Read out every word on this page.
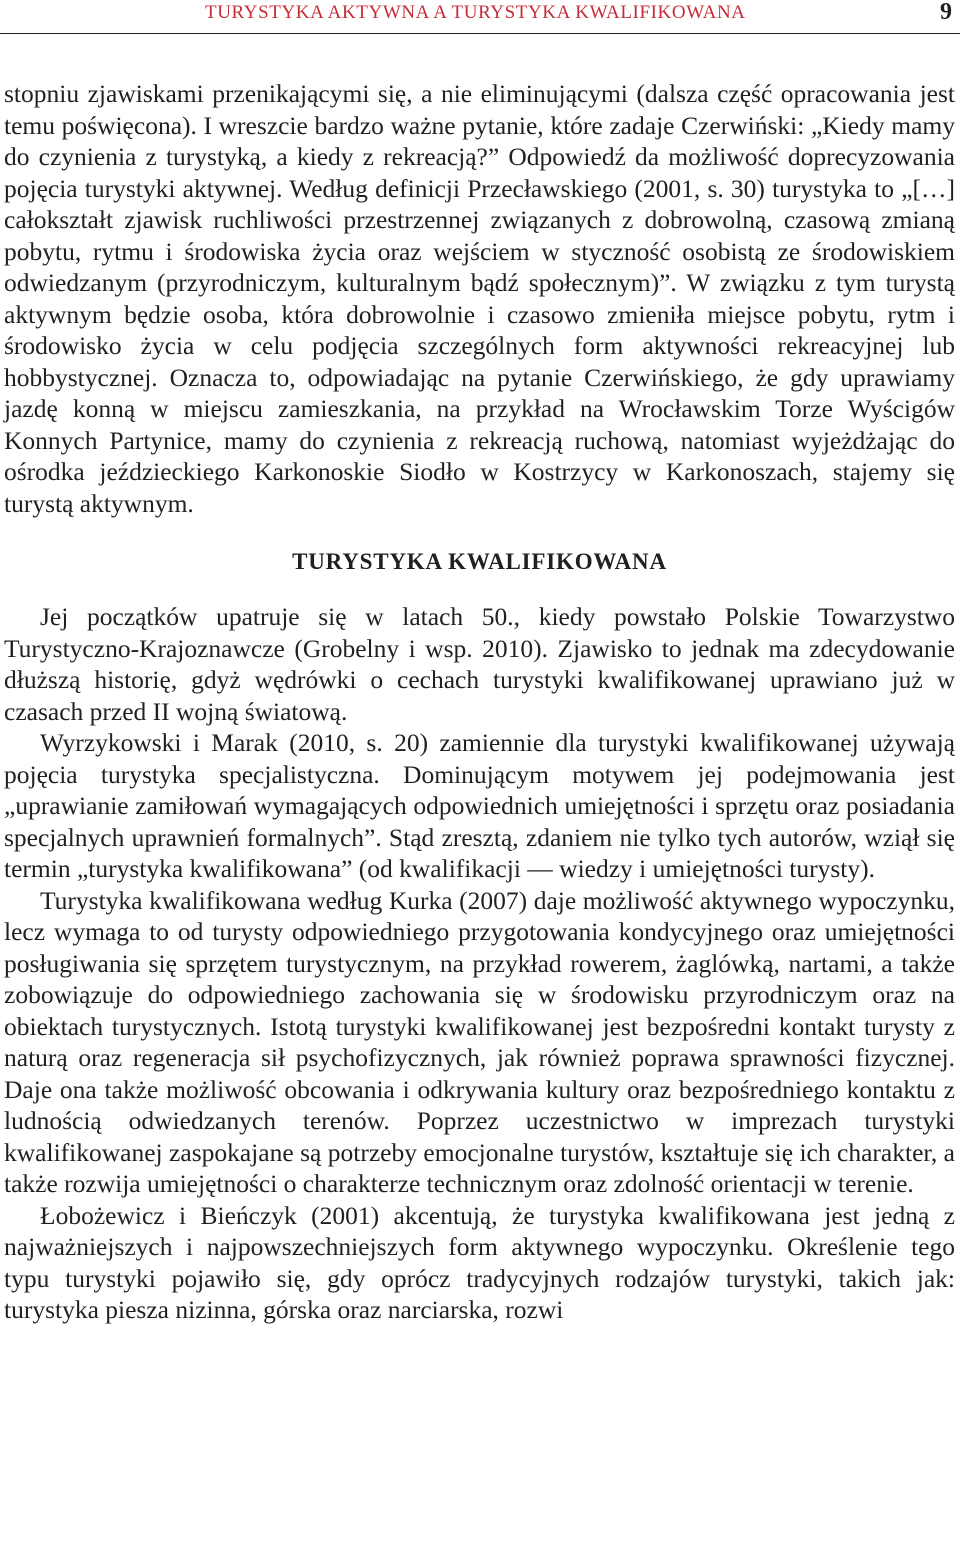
TURYSTYKA AKTYWNA A TURYSTYKA KWALIFIKOWANA	9

stopniu zjawiskami przenikającymi się, a nie eliminującymi (dalsza część opracowania jest temu poświęcona). I wreszcie bardzo ważne pytanie, które zadaje Czerwiński: „Kiedy mamy do czynienia z turystyką, a kiedy z rekreacją?” Odpowiedź da możliwość doprecyzowania pojęcia turystyki aktywnej. Według definicji Przecławskiego (2001, s. 30) turystyka to „[…] całokształt zjawisk ruchliwości przestrzennej związanych z dobrowolną, czasową zmianą pobytu, rytmu i środowiska życia oraz wejściem w styczność osobistą ze środowiskiem odwiedzanym (przyrodniczym, kulturalnym bądź społecznym)”. W związku z tym turystą aktywnym będzie osoba, która dobrowolnie i czasowo zmieniła miejsce pobytu, rytm i środowisko życia w celu podjęcia szczególnych form aktywności rekreacyjnej lub hobbystycznej. Oznacza to, odpowiadając na pytanie Czerwińskiego, że gdy uprawiamy jazdę konną w miejscu zamieszkania, na przykład na Wrocławskim Torze Wyścigów Konnych Partynice, mamy do czynienia z rekreacją ruchową, natomiast wyjeżdżając do ośrodka jeździeckiego Karkonoskie Siodło w Kostrzycy w Karkonoszach, stajemy się turystą aktywnym.

TURYSTYKA KWALIFIKOWANA

Jej początków upatruje się w latach 50., kiedy powstało Polskie Towarzystwo Turystyczno-Krajoznawcze (Grobelny i wsp. 2010). Zjawisko to jednak ma zdecydowanie dłuższą historię, gdyż wędrówki o cechach turystyki kwalifikowanej uprawiano już w czasach przed II wojną światową.

Wyrzykowski i Marak (2010, s. 20) zamiennie dla turystyki kwalifikowanej używają pojęcia turystyka specjalistyczna. Dominującym motywem jej podejmowania jest „uprawianie zamiłowań wymagających odpowiednich umiejętności i sprzętu oraz posiadania specjalnych uprawnień formalnych”. Stąd zresztą, zdaniem nie tylko tych autorów, wziął się termin „turystyka kwalifikowana” (od kwalifikacji — wiedzy i umiejętności turysty).

Turystyka kwalifikowana według Kurka (2007) daje możliwość aktywnego wypoczynku, lecz wymaga to od turysty odpowiedniego przygotowania kondycyjnego oraz umiejętności posługiwania się sprzętem turystycznym, na przykład rowerem, żaglówką, nartami, a także zobowiązuje do odpowiedniego zachowania się w środowisku przyrodniczym oraz na obiektach turystycznych. Istotą turystyki kwalifikowanej jest bezpośredni kontakt turysty z naturą oraz regeneracja sił psychofizycznych, jak również poprawa sprawności fizycznej. Daje ona także możliwość obcowania i odkrywania kultury oraz bezpośredniego kontaktu z ludnością odwiedzanych terenów. Poprzez uczestnictwo w imprezach turystyki kwalifikowanej zaspokajane są potrzeby emocjonalne turystów, kształtuje się ich charakter, a także rozwija umiejętności o charakterze technicznym oraz zdolność orientacji w terenie.

Łobożewicz i Bieńczyk (2001) akcentują, że turystyka kwalifikowana jest jedną z najważniejszych i najpowszechniejszych form aktywnego wypoczynku. Określenie tego typu turystyki pojawiło się, gdy oprócz tradycyjnych rodzajów turystyki, takich jak: turystyka piesza nizinna, górska oraz narciarska, rozwi
